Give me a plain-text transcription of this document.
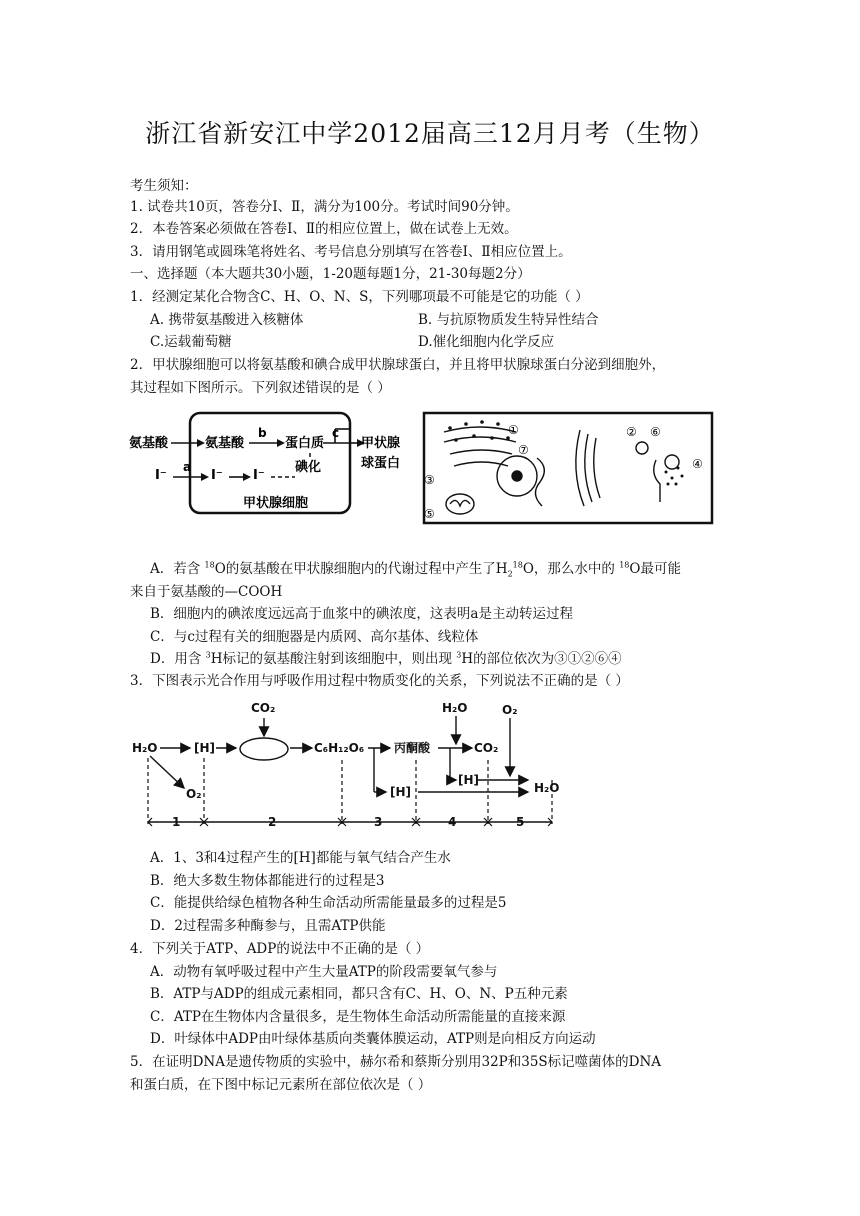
浙江省新安江中学2012届高三12月月考（生物）
考生须知：
1. 试卷共10页，答卷分Ⅰ、Ⅱ，满分为100分。考试时间90分钟。
2．本卷答案必须做在答卷Ⅰ、Ⅱ的相应位置上，做在试卷上无效。
3．请用钢笔或圆珠笔将姓名、考号信息分别填写在答卷Ⅰ、Ⅱ相应位置上。
一、选择题（本大题共30小题，1-20题每题1分，21-30每题2分）
1．经测定某化合物含C、H、O、N、S，下列哪项最不可能是它的功能（ ）
A. 携带氨基酸进入核糖体	B. 与抗原物质发生特异性结合
C.运载葡萄糖	D.催化细胞内化学反应
2．甲状腺细胞可以将氨基酸和碘合成甲状腺球蛋白，并且将甲状腺球蛋白分泌到细胞外，
其过程如下图所示。下列叙述错误的是（ ）
氨基酸	氨基酸
b
蛋白质
碘化
c
甲状腺
球蛋白
I⁻
a
I⁻ I⁻
甲状腺细胞
①	②
③
④
⑤
⑥
⑦
A．若含 $^{18}$O的氨基酸在甲状腺细胞内的代谢过程中产生了$H_2^{18}O$，那么水中的 $^{18}$O最可能
来自于氨基酸的—COOH
B．细胞内的碘浓度远远高于血浆中的碘浓度，这表明a是主动转运过程
C．与c过程有关的细胞器是内质网、高尔基体、线粒体
D．用含 $^3$H标记的氨基酸注射到该细胞中，则出现 $^3$H的部位依次为③①②⑥④
3．下图表示光合作用与呼吸作用过程中物质变化的关系，下列说法不正确的是（ ）
CO₂
H₂O	[H]	C₆H₁₂O₆ 丙酮酸
H₂O	O₂
CO₂
[H]
[H]	H₂O
O₂
1	2	3	4	5
A．1、3和4过程产生的[H]都能与氧气结合产生水
B．绝大多数生物体都能进行的过程是3
C．能提供给绿色植物各种生命活动所需能量最多的过程是5
D．2过程需多种酶参与，且需ATP供能
4．下列关于ATP、ADP的说法中不正确的是（ ）
A．动物有氧呼吸过程中产生大量ATP的阶段需要氧气参与
B．ATP与ADP的组成元素相同，都只含有C、H、O、N、P五种元素
C．ATP在生物体内含量很多，是生物体生命活动所需能量的直接来源
D．叶绿体中ADP由叶绿体基质向类囊体膜运动，ATP则是向相反方向运动
5．在证明DNA是遗传物质的实验中，赫尔希和蔡斯分别用32P和35S标记噬菌体的DNA
和蛋白质，在下图中标记元素所在部位依次是（ ）
